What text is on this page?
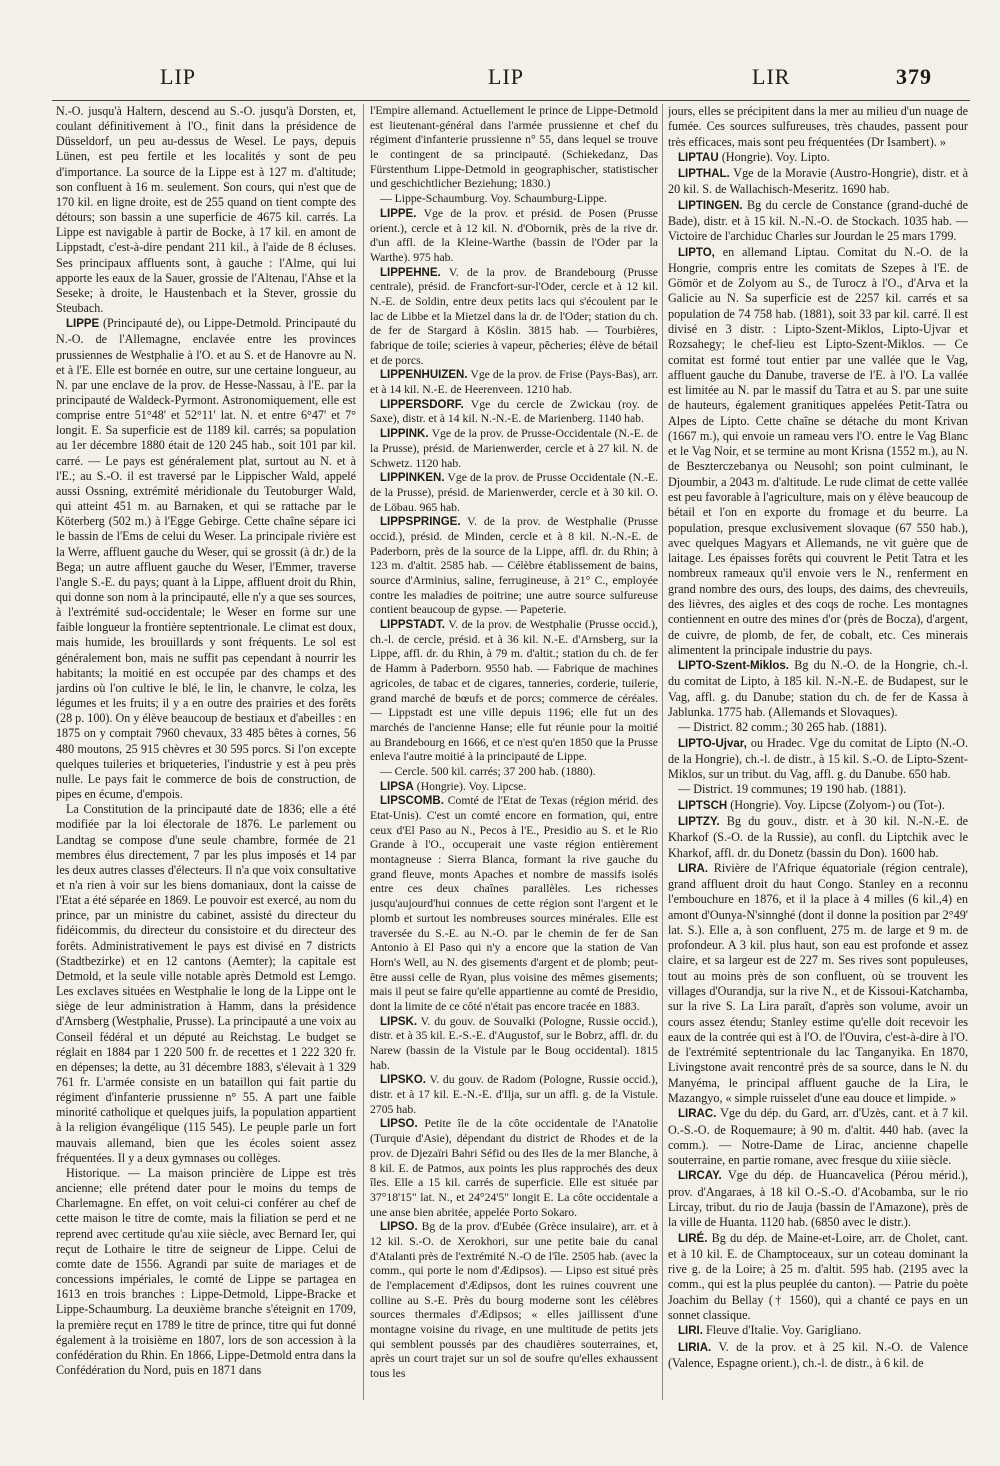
LIP	LIP	LIR	379

N.-O. jusqu'à Haltern, descend au S.-O. jusqu'à Dorsten, et, coulant définitivement à l'O., finit dans la présidence de Düsseldorf, un peu au-dessus de Wesel. Le pays, depuis Lünen, est peu fertile et les localités y sont de peu d'importance. La source de la Lippe est à 127 m. d'altitude; son confluent à 16 m. seulement. Son cours, qui n'est que de 170 kil. en ligne droite, est de 255 quand on tient compte des détours; son bassin a une superficie de 4675 kil. carrés. La Lippe est navigable à partir de Bocke, à 17 kil. en amont de Lippstadt, c'est-à-dire pendant 211 kil., à l'aide de 8 écluses. Ses principaux affluents sont, à gauche : l'Alme, qui lui apporte les eaux de la Sauer, grossie de l'Altenau, l'Ahse et la Seseke; à droite, le Haustenbach et la Stever, grossie du Steubach.

LIPPE (Principauté de), ou Lippe-Detmold. Principauté du N.-O. de l'Allemagne, enclavée entre les provinces prussiennes de Westphalie à l'O. et au S. et de Hanovre au N. et à l'E. Elle est bornée en outre, sur une certaine longueur, au N. par une enclave de la prov. de Hesse-Nassau, à l'E. par la principauté de Waldeck-Pyrmont. Astronomiquement, elle est comprise entre 51°48' et 52°11' lat. N. et entre 6°47' et 7° longit. E. Sa superficie est de 1189 kil. carrés; sa population au 1er décembre 1880 était de 120 245 hab., soit 101 par kil. carré. — Le pays est généralement plat, surtout au N. et à l'E.; au S.-O. il est traversé par le Lippischer Wald, appelé aussi Ossning, extrémité méridionale du Teutoburger Wald, qui atteint 451 m. au Barnaken, et qui se rattache par le Köterberg (502 m.) à l'Egge Gebirge. Cette chaîne sépare ici le bassin de l'Ems de celui du Weser. La principale rivière est la Werre, affluent gauche du Weser, qui se grossit (à dr.) de la Bega; un autre affluent gauche du Weser, l'Emmer, traverse l'angle S.-E. du pays; quant à la Lippe, affluent droit du Rhin, qui donne son nom à la principauté, elle n'y a que ses sources, à l'extrémité sud-occidentale; le Weser en forme sur une faible longueur la frontière septentrionale. Le climat est doux, mais humide, les brouillards y sont fréquents. Le sol est généralement bon, mais ne suffit pas cependant à nourrir les habitants; la moitié en est occupée par des champs et des jardins où l'on cultive le blé, le lin, le chanvre, le colza, les légumes et les fruits; il y a en outre des prairies et des forêts (28 p. 100). On y élève beaucoup de bestiaux et d'abeilles : en 1875 on y comptait 7960 chevaux, 33 485 bêtes à cornes, 56 480 moutons, 25 915 chèvres et 30 595 porcs. Si l'on excepte quelques tuileries et briqueteries, l'industrie y est à peu près nulle. Le pays fait le commerce de bois de construction, de pipes en écume, d'empois.

La Constitution de la principauté date de 1836; elle a été modifiée par la loi électorale de 1876. Le parlement ou Landtag se compose d'une seule chambre, formée de 21 membres élus directement, 7 par les plus imposés et 14 par les deux autres classes d'électeurs. Il n'a que voix consultative et n'a rien à voir sur les biens domaniaux, dont la caisse de l'Etat a été séparée en 1869. Le pouvoir est exercé, au nom du prince, par un ministre du cabinet, assisté du directeur du fidéicommis, du directeur du consistoire et du directeur des forêts. Administrativement le pays est divisé en 7 districts (Stadtbezirke) et en 12 cantons (Aemter); la capitale est Detmold, et la seule ville notable après Detmold est Lemgo. Les exclaves situées en Westphalie le long de la Lippe ont le siège de leur administration à Hamm, dans la présidence d'Arnsberg (Westphalie, Prusse). La principauté a une voix au Conseil fédéral et un député au Reichstag. Le budget se réglait en 1884 par 1 220 500 fr. de recettes et 1 222 320 fr. en dépenses; la dette, au 31 décembre 1883, s'élevait à 1 329 761 fr. L'armée consiste en un bataillon qui fait partie du régiment d'infanterie prussienne n° 55. A part une faible minorité catholique et quelques juifs, la population appartient à la religion évangélique (115 545). Le peuple parle un fort mauvais allemand, bien que les écoles soient assez fréquentées. Il y a deux gymnases ou collèges.

Historique. — La maison princière de Lippe est très ancienne; elle prétend dater pour le moins du temps de Charlemagne. En effet, on voit celui-ci conférer au chef de cette maison le titre de comte, mais la filiation se perd et ne reprend avec certitude qu'au xiie siècle, avec Bernard Ier, qui reçut de Lothaire le titre de seigneur de Lippe. Celui de comte date de 1556. Agrandi par suite de mariages et de concessions impériales, le comté de Lippe se partagea en 1613 en trois branches : Lippe-Detmold, Lippe-Bracke et Lippe-Schaumburg. La deuxième branche s'éteignit en 1709, la première reçut en 1789 le titre de prince, titre qui fut donné également à la troisième en 1807, lors de son accession à la confédération du Rhin. En 1866, Lippe-Detmold entra dans la Confédération du Nord, puis en 1871 dans

l'Empire allemand. Actuellement le prince de Lippe-Detmold est lieutenant-général dans l'armée prussienne et chef du régiment d'infanterie prussienne n° 55, dans lequel se trouve le contingent de sa principauté. (Schiekedanz, Das Fürstenthum Lippe-Detmold in geographischer, statistischer und geschichtlicher Beziehung; 1830.)

— Lippe-Schaumburg. Voy. Schaumburg-Lippe.

LIPPE. Vge de la prov. et présid. de Posen (Prusse orient.), cercle et à 12 kil. N. d'Obornik, près de la rive dr. d'un affl. de la Kleine-Warthe (bassin de l'Oder par la Warthe). 975 hab.

LIPPEHNE. V. de la prov. de Brandebourg (Prusse centrale), présid. de Francfort-sur-l'Oder, cercle et à 12 kil. N.-E. de Soldin, entre deux petits lacs qui s'écoulent par le lac de Libbe et la Mietzel dans la dr. de l'Oder; station du ch. de fer de Stargard à Köslin. 3815 hab. — Tourbières, fabrique de toile; scieries à vapeur, pêcheries; élève de bétail et de porcs.

LIPPENHUIZEN. Vge de la prov. de Frise (Pays-Bas), arr. et à 14 kil. N.-E. de Heerenveen. 1210 hab.

LIPPERSDORF. Vge du cercle de Zwickau (roy. de Saxe), distr. et à 14 kil. N.-N.-E. de Marienberg. 1140 hab.

LIPPINK. Vge de la prov. de Prusse-Occidentale (N.-E. de la Prusse), présid. de Marienwerder, cercle et à 27 kil. N. de Schwetz. 1120 hab.

LIPPINKEN. Vge de la prov. de Prusse Occidentale (N.-E. de la Prusse), présid. de Marienwerder, cercle et à 30 kil. O. de Löbau. 965 hab.

LIPPSPRINGE. V. de la prov. de Westphalie (Prusse occid.), présid. de Minden, cercle et à 8 kil. N.-N.-E. de Paderborn, près de la source de la Lippe, affl. dr. du Rhin; à 123 m. d'altit. 2585 hab. — Célèbre établissement de bains, source d'Arminius, saline, ferrugineuse, à 21° C., employée contre les maladies de poitrine; une autre source sulfureuse contient beaucoup de gypse. — Papeterie.

LIPPSTADT. V. de la prov. de Westphalie (Prusse occid.), ch.-l. de cercle, présid. et à 36 kil. N.-E. d'Arnsberg, sur la Lippe, affl. dr. du Rhin, à 79 m. d'altit.; station du ch. de fer de Hamm à Paderborn. 9550 hab. — Fabrique de machines agricoles, de tabac et de cigares, tanneries, corderie, tuilerie, grand marché de bœufs et de porcs; commerce de céréales. — Lippstadt est une ville depuis 1196; elle fut un des marchés de l'ancienne Hanse; elle fut réunie pour la moitié au Brandebourg en 1666, et ce n'est qu'en 1850 que la Prusse enleva l'autre moitié à la principauté de Lippe.

— Cercle. 500 kil. carrés; 37 200 hab. (1880).

LIPSA (Hongrie). Voy. Lipcse.

LIPSCOMB. Comté de l'Etat de Texas (région mérid. des Etat-Unis). C'est un comté encore en formation, qui, entre ceux d'El Paso au N., Pecos à l'E., Presidio au S. et le Rio Grande à l'O., occuperait une vaste région entièrement montagneuse : Sierra Blanca, formant la rive gauche du grand fleuve, monts Apaches et nombre de massifs isolés entre ces deux chaînes parallèles. Les richesses jusqu'aujourd'hui connues de cette région sont l'argent et le plomb et surtout les nombreuses sources minérales. Elle est traversée du S.-E. au N.-O. par le chemin de fer de San Antonio à El Paso qui n'y a encore que la station de Van Horn's Well, au N. des gisements d'argent et de plomb; peut-être aussi celle de Ryan, plus voisine des mêmes gisements; mais il peut se faire qu'elle appartienne au comté de Presidio, dont la limite de ce côté n'était pas encore tracée en 1883.

LIPSK. V. du gouv. de Souvalki (Pologne, Russie occid.), distr. et à 35 kil. E.-S.-E. d'Augustof, sur le Bobrz, affl. dr. du Narew (bassin de la Vistule par le Boug occidental). 1815 hab.

LIPSKO. V. du gouv. de Radom (Pologne, Russie occid.), distr. et à 17 kil. E.-N.-E. d'Ilja, sur un affl. g. de la Vistule. 2705 hab.

LIPSO. Petite île de la côte occidentale de l'Anatolie (Turquie d'Asie), dépendant du district de Rhodes et de la prov. de Djezaïri Bahri Séfid ou des Iles de la mer Blanche, à 8 kil. E. de Patmos, aux points les plus rapprochés des deux îles. Elle a 15 kil. carrés de superficie. Elle est située par 37°18'15" lat. N., et 24°24'5" longit E. La côte occidentale a une anse bien abritée, appelée Porto Sokaro.

LIPSO. Bg de la prov. d'Eubée (Grèce insulaire), arr. et à 12 kil. S.-O. de Xerokhori, sur une petite baie du canal d'Atalanti près de l'extrémité N.-O de l'île. 2505 hab. (avec la comm., qui porte le nom d'Ædipsos). — Lipso est situé près de l'emplacement d'Ædipsos, dont les ruines couvrent une colline au S.-E. Près du bourg moderne sont les célèbres sources thermales d'Ædipsos; « elles jaillissent d'une montagne voisine du rivage, en une multitude de petits jets qui semblent poussés par des chaudières souterraines, et, après un court trajet sur un sol de soufre qu'elles exhaussent tous les

jours, elles se précipitent dans la mer au milieu d'un nuage de fumée. Ces sources sulfureuses, très chaudes, passent pour très efficaces, mais sont peu fréquentées (Dr Isambert). »

LIPTAU (Hongrie). Voy. Lipto.

LIPTHAL. Vge de la Moravie (Austro-Hongrie), distr. et à 20 kil. S. de Wallachisch-Meseritz. 1690 hab.

LIPTINGEN. Bg du cercle de Constance (grand-duché de Bade), distr. et à 15 kil. N.-N.-O. de Stockach. 1035 hab. — Victoire de l'archiduc Charles sur Jourdan le 25 mars 1799.

LIPTO, en allemand Liptau. Comitat du N.-O. de la Hongrie, compris entre les comitats de Szepes à l'E. de Gömör et de Zolyom au S., de Turocz à l'O., d'Arva et la Galicie au N. Sa superficie est de 2257 kil. carrés et sa population de 74 758 hab. (1881), soit 33 par kil. carré. Il est divisé en 3 distr. : Lipto-Szent-Miklos, Lipto-Ujvar et Rozsahegy; le chef-lieu est Lipto-Szent-Miklos. — Ce comitat est formé tout entier par une vallée que le Vag, affluent gauche du Danube, traverse de l'E. à l'O. La vallée est limitée au N. par le massif du Tatra et au S. par une suite de hauteurs, également granitiques appelées Petit-Tatra ou Alpes de Lipto. Cette chaîne se détache du mont Krivan (1667 m.), qui envoie un rameau vers l'O. entre le Vag Blanc et le Vag Noir, et se termine au mont Krisna (1552 m.), au N. de Beszterczebanya ou Neusohl; son point culminant, le Djoumbir, a 2043 m. d'altitude. Le rude climat de cette vallée est peu favorable à l'agriculture, mais on y élève beaucoup de bétail et l'on en exporte du fromage et du beurre. La population, presque exclusivement slovaque (67 550 hab.), avec quelques Magyars et Allemands, ne vit guère que de laitage. Les épaisses forêts qui couvrent le Petit Tatra et les nombreux rameaux qu'il envoie vers le N., renferment en grand nombre des ours, des loups, des daims, des chevreuils, des lièvres, des aigles et des coqs de roche. Les montagnes contiennent en outre des mines d'or (près de Bocza), d'argent, de cuivre, de plomb, de fer, de cobalt, etc. Ces minerais alimentent la principale industrie du pays.

LIPTO-Szent-Miklos. Bg du N.-O. de la Hongrie, ch.-l. du comitat de Lipto, à 185 kil. N.-N.-E. de Budapest, sur le Vag, affl. g. du Danube; station du ch. de fer de Kassa à Jablunka. 1775 hab. (Allemands et Slovaques).

— District. 82 comm.; 30 265 hab. (1881).

LIPTO-Ujvar, ou Hradec. Vge du comitat de Lipto (N.-O. de la Hongrie), ch.-l. de distr., à 15 kil. S.-O. de Lipto-Szent-Miklos, sur un tribut. du Vag, affl. g. du Danube. 650 hab.

— District. 19 communes; 19 190 hab. (1881).

LIPTSCH (Hongrie). Voy. Lipcse (Zolyom-) ou (Tot-).

LIPTZY. Bg du gouv., distr. et à 30 kil. N.-N.-E. de Kharkof (S.-O. de la Russie), au confl. du Liptchik avec le Kharkof, affl. dr. du Donetz (bassin du Don). 1600 hab.

LIRA. Rivière de l'Afrique équatoriale (région centrale), grand affluent droit du haut Congo. Stanley en a reconnu l'embouchure en 1876, et il la place à 4 milles (6 kil.,4) en amont d'Ounya-N'sinnghé (dont il donne la position par 2°49' lat. S.). Elle a, à son confluent, 275 m. de large et 9 m. de profondeur. A 3 kil. plus haut, son eau est profonde et assez claire, et sa largeur est de 227 m. Ses rives sont populeuses, tout au moins près de son confluent, où se trouvent les villages d'Ourandja, sur la rive N., et de Kissoui-Katchamba, sur la rive S. La Lira paraît, d'après son volume, avoir un cours assez étendu; Stanley estime qu'elle doit recevoir les eaux de la contrée qui est à l'O. de l'Ouvira, c'est-à-dire à l'O. de l'extrémité septentrionale du lac Tanganyika. En 1870, Livingstone avait rencontré près de sa source, dans le N. du Manyéma, le principal affluent gauche de la Lira, le Mazangyo, « simple ruisselet d'une eau douce et limpide. »

LIRAC. Vge du dép. du Gard, arr. d'Uzès, cant. et à 7 kil. O.-S.-O. de Roquemaure; à 90 m. d'altit. 440 hab. (avec la comm.). — Notre-Dame de Lirac, ancienne chapelle souterraine, en partie romane, avec fresque du xiiie siècle.

LIRCAY. Vge du dép. de Huancavelica (Pérou mérid.), prov. d'Angaraes, à 18 kil O.-S.-O. d'Acobamba, sur le rio Lircay, tribut. du rio de Jauja (bassin de l'Amazone), près de la ville de Huanta. 1120 hab. (6850 avec le distr.).

LIRÉ. Bg du dép. de Maine-et-Loire, arr. de Cholet, cant. et à 10 kil. E. de Champtoceaux, sur un coteau dominant la rive g. de la Loire; à 25 m. d'altit. 595 hab. (2195 avec la comm., qui est la plus peuplée du canton). — Patrie du poète Joachim du Bellay († 1560), qui a chanté ce pays en un sonnet classique.

LIRI. Fleuve d'Italie. Voy. Garigliano.

LIRIA. V. de la prov. et à 25 kil. N.-O. de Valence (Valence, Espagne orient.), ch.-l. de distr., à 6 kil. de
